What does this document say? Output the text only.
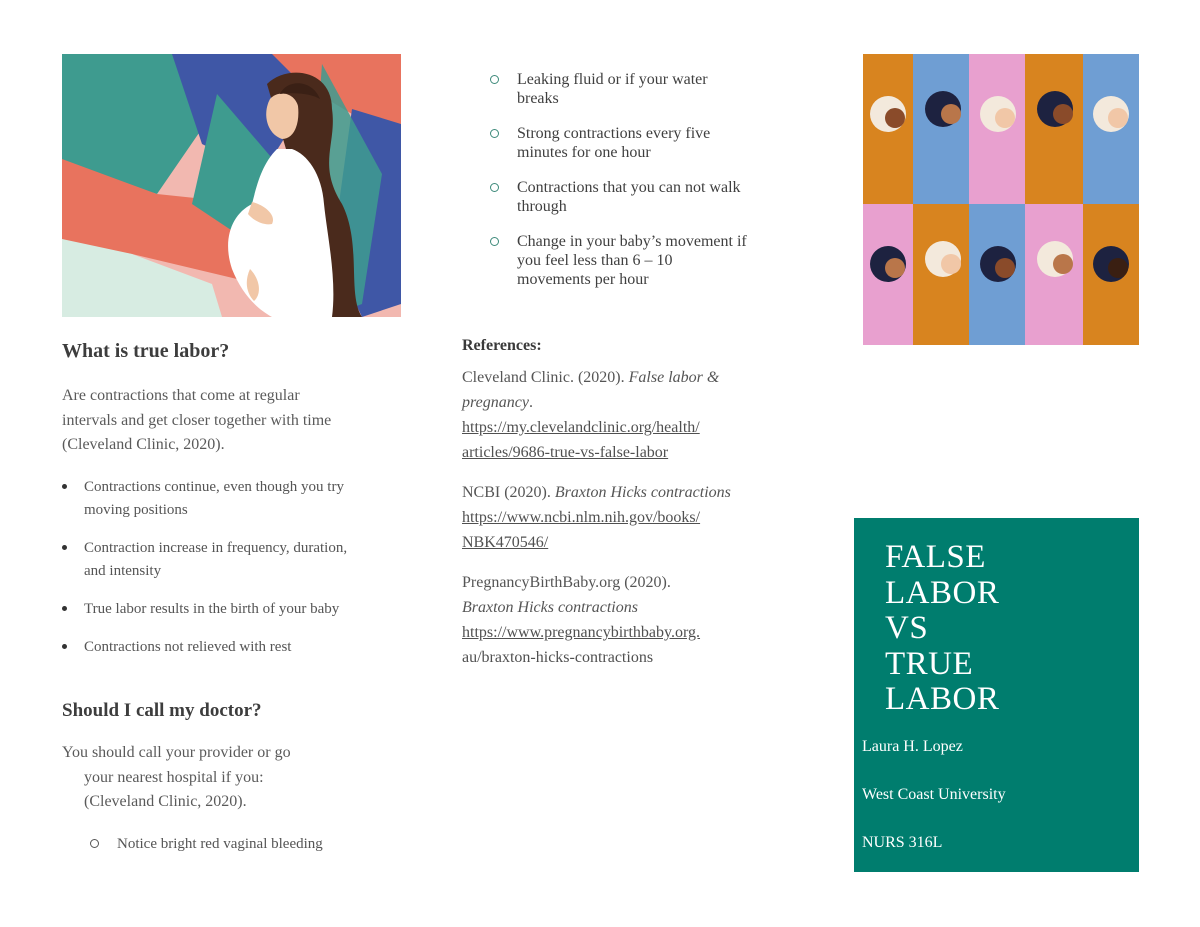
What is true labor?
Are contractions that come at regular intervals and get closer together with time (Cleveland Clinic, 2020).
Contractions continue, even though you try moving positions
Contraction increase in frequency, duration, and intensity
True labor results in the birth of your baby
Contractions not relieved with rest
Should I call my doctor?
You should call your provider or go
your nearest hospital if you:
(Cleveland Clinic, 2020).
Notice bright red vaginal bleeding
Leaking fluid or if your water breaks
Strong contractions every five minutes for one hour
Contractions that you can not walk through
Change in your baby’s movement if you feel less than 6 – 10 movements per hour
References:
Cleveland Clinic. (2020). False labor & pregnancy.
https://my.clevelandclinic.org/health/
articles/9686-true-vs-false-labor
NCBI (2020). Braxton Hicks contractions
https://www.ncbi.nlm.nih.gov/books/
NBK470546/
PregnancyBirthBaby.org (2020).
Braxton Hicks contractions
https://www.pregnancybirthbaby.org.
au/braxton-hicks-contractions
FALSE
LABOR
VS
TRUE
LABOR
Laura H. Lopez
West Coast University
NURS 316L
